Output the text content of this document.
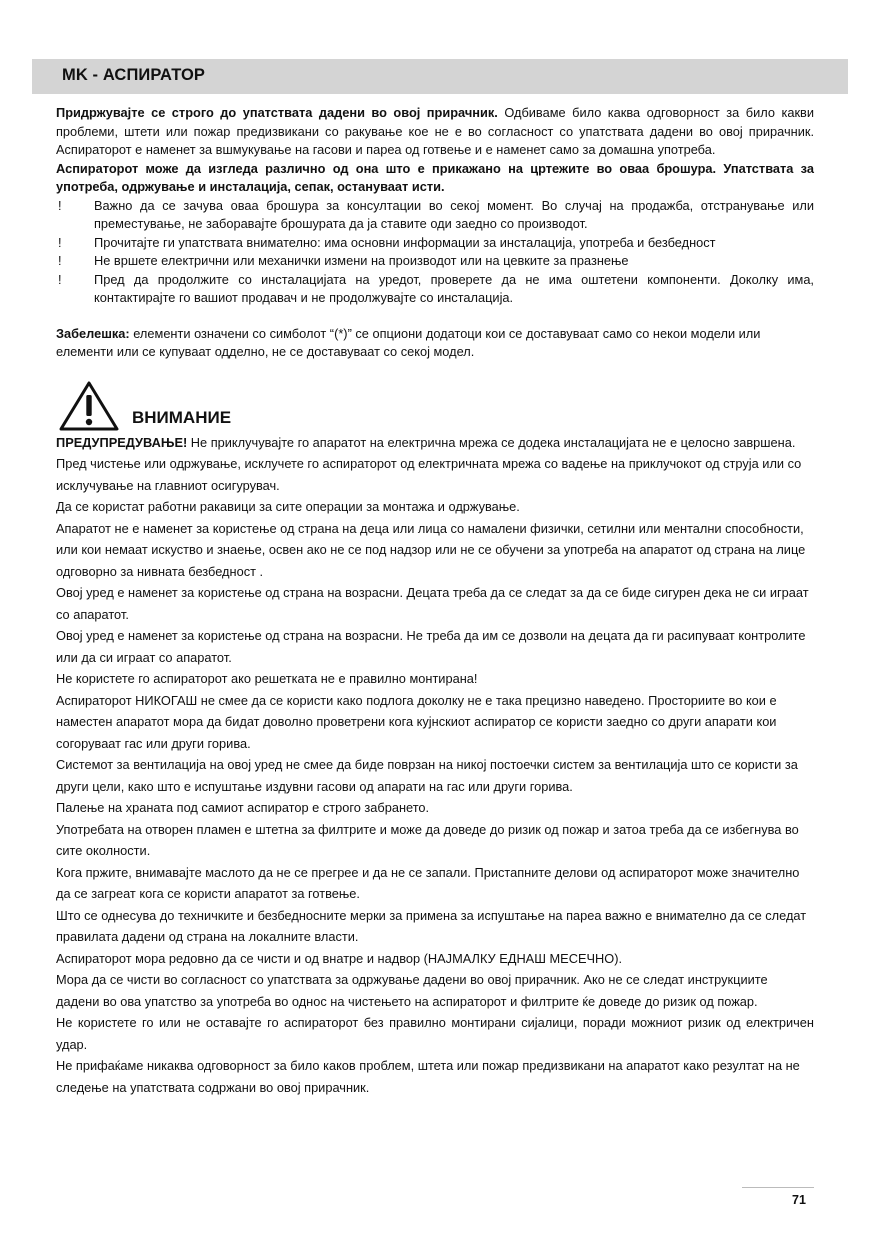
MK - АСПИРАТОР

Придржувајте се строго до упатствата дадени во овој прирачник. Одбиваме било каква одговорност за било какви проблеми, штети или пожар предизвикани со ракување кое не е во согласност со упатствата дадени во овој прирачник. Аспираторот е наменет за вшмукување на гасови и пареа од готвење и е наменет само за домашна употреба.

Аспираторот може да изгледа различно од она што е прикажано на цртежите во оваа брошура. Упатствата за употреба, одржување и инсталација, сепак, остануваат исти.

!	Важно да се зачува оваа брошура за консултации во секој момент. Во случај на продажба, отстранување или преместување, не заборавајте брошурата да ја ставите оди заедно со производот.
!	Прочитајте ги упатствата внимателно: има основни информации за инсталација, употреба и безбедност
!	Не вршете електрични или механички измени на производот или на цевките за празнење
!	Пред да продолжите со инсталацијата на уредот, проверете да не има оштетени компоненти. Доколку има, контактирајте го вашиот продавач и не продолжувајте со инсталација.
Забелешка: елементи означени со симболот “(*)” се опциони додатоци кои се доставуваат само со некои модели или елементи или се купуваат одделно, не се доставуваат со секој модел.
ВНИМАНИЕ

ПРЕДУПРЕДУВАЊЕ! Не приклучувајте го апаратот на електрична мрежа се додека инсталацијата не е целосно завршена.

Пред чистење или одржување, исклучете го аспираторот од електричната мрежа со вадење на приклучокот од струја или со исклучување на главниот осигурувач.

Да се користат работни ракавици за сите операции за монтажа и одржување.

Апаратот не е наменет за користење од страна на деца или лица со намалени физички, сетилни или ментални способности, или кои немаат искуство и знаење, освен ако не се под надзор или не се обучени за употреба на апаратот од страна на лице одговорно за нивната безбедност .

Овој уред е наменет за користење од страна на возрасни. Децата треба да се следат за да се биде сигурен дека не си играат со апаратот.

Овој уред е наменет за користење од страна на возрасни. Не треба да им се дозволи на децата да ги расипуваат контролите или да си играат со апаратот.

Не користете го аспираторот ако решетката не е правилно монтирана!

Аспираторот НИКОГАШ не смее да се користи како подлога доколку не е така прецизно наведено. Просториите во кои е наместен апаратот мора да бидат доволно проветрени кога кујнскиот аспиратор се користи заедно со други апарати кои согоруваат гас или други горива.

Системот за вентилација на овој уред не смее да биде поврзан на никој постоечки систем за вентилација што се користи за други цели, како што е испуштање издувни гасови од апарати на гас или други горива.

Палење на храната под самиот аспиратор е строго забрането.

Употребата на отворен пламен е штетна за филтрите и може да доведе до ризик од пожар и затоа треба да се избегнува во сите околности.

Кога пржите, внимавајте маслото да не се прегрее и да не се запали. Пристапните делови од аспираторот може значително да се загреат кога се користи апаратот за готвење.

Што се однесува до техничките и безбедносните мерки за примена за испуштање на пареа важно е внимателно да се следат правилата дадени од страна на локалните власти.

Аспираторот мора редовно да се чисти и од внатре и надвор (НАЈМАЛКУ ЕДНАШ МЕСЕЧНО).

Мора да се чисти во согласност со упатствата за одржување дадени во овој прирачник. Ако не се следат инструкциите дадени во ова упатство за употреба во однос на чистењето на аспираторот и филтрите ќе доведе до ризик од пожар.

Не користете го или не оставајте го аспираторот без правилно монтирани сијалици, поради можниот ризик од електричен удар.

Не прифаќаме никаква одговорност за било каков проблем, штета или пожар предизвикани на апаратот како резултат на не следење на упатствата содржани во овој прирачник.

71
